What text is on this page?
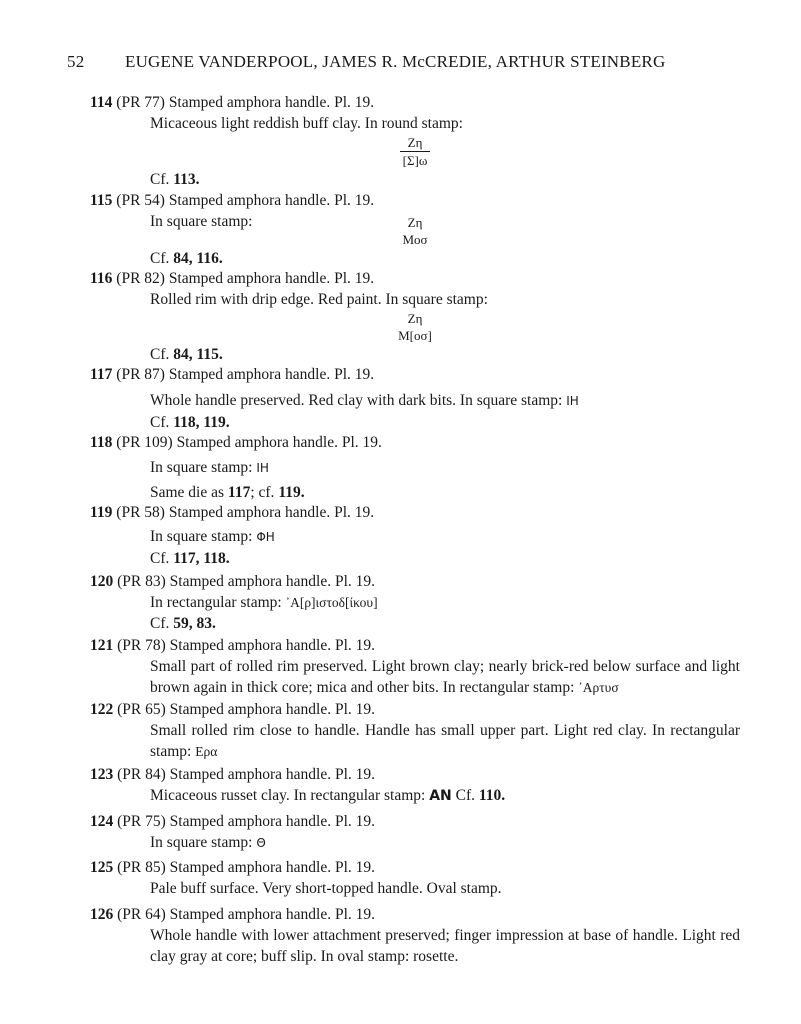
52 EUGENE VANDERPOOL, JAMES R. McCREDIE, ARTHUR STEINBERG
114 (PR 77) Stamped amphora handle. Pl. 19.
Micaceous light reddish buff clay. In round stamp:
Ζη
[Σ]ω
Cf. 113.
115 (PR 54) Stamped amphora handle. Pl. 19.
In square stamp:	Ζη
Μοσ
Cf. 84, 116.
116 (PR 82) Stamped amphora handle. Pl. 19.
Rolled rim with drip edge. Red paint. In square stamp:
Ζη
Μ[οσ]
Cf. 84, 115.
117 (PR 87) Stamped amphora handle. Pl. 19.
Whole handle preserved. Red clay with dark bits. In square stamp: ΙΗ
Cf. 118, 119.
118 (PR 109) Stamped amphora handle. Pl. 19.
In square stamp: ΙΗ
Same die as 117; cf. 119.
119 (PR 58) Stamped amphora handle. Pl. 19.
In square stamp: ΦΗ
Cf. 117, 118.
120 (PR 83) Stamped amphora handle. Pl. 19.
In rectangular stamp: ᾿Α[ρ]ιστοδ[ίκου]
Cf. 59, 83.
121 (PR 78) Stamped amphora handle. Pl. 19.
Small part of rolled rim preserved. Light brown clay; nearly brick-red below surface and light brown again in thick core; mica and other bits. In rectangular stamp: ᾿Αρτυσ
122 (PR 65) Stamped amphora handle. Pl. 19.
Small rolled rim close to handle. Handle has small upper part. Light red clay. In rectangular stamp: Ερα
123 (PR 84) Stamped amphora handle. Pl. 19.
Micaceous russet clay. In rectangular stamp: ΑΝ Cf. 110.
124 (PR 75) Stamped amphora handle. Pl. 19.
In square stamp: Θ
125 (PR 85) Stamped amphora handle. Pl. 19.
Pale buff surface. Very short-topped handle. Oval stamp.
126 (PR 64) Stamped amphora handle. Pl. 19.
Whole handle with lower attachment preserved; finger impression at base of handle. Light red clay gray at core; buff slip. In oval stamp: rosette.
